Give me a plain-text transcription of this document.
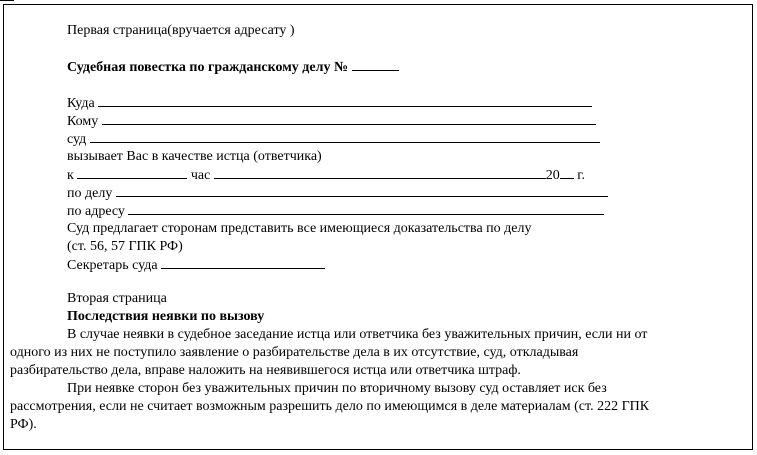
Первая страница(вручается адресату )
Судебная повестка по гражданскому делу №
Куда
Кому
суд
вызывает Вас в качестве истца (ответчика)
к	час	20 г.
по делу
по адресу
Суд предлагает сторонам представить все имеющиеся доказательства по делу
(ст. 56, 57 ГПК РФ)
Секретарь суда
Вторая страница
Последствия неявки по вызову
В случае неявки в судебное заседание истца или ответчика без уважительных причин, если ни от
одного из них не поступило заявление о разбирательстве дела в их отсутствие, суд, откладывая
разбирательство дела, вправе наложить на неявившегося истца или ответчика штраф.
При неявке сторон без уважительных причин по вторичному вызову суд оставляет иск без
рассмотрения, если не считает возможным разрешить дело по имеющимся в деле материалам (ст. 222 ГПК
РФ).
